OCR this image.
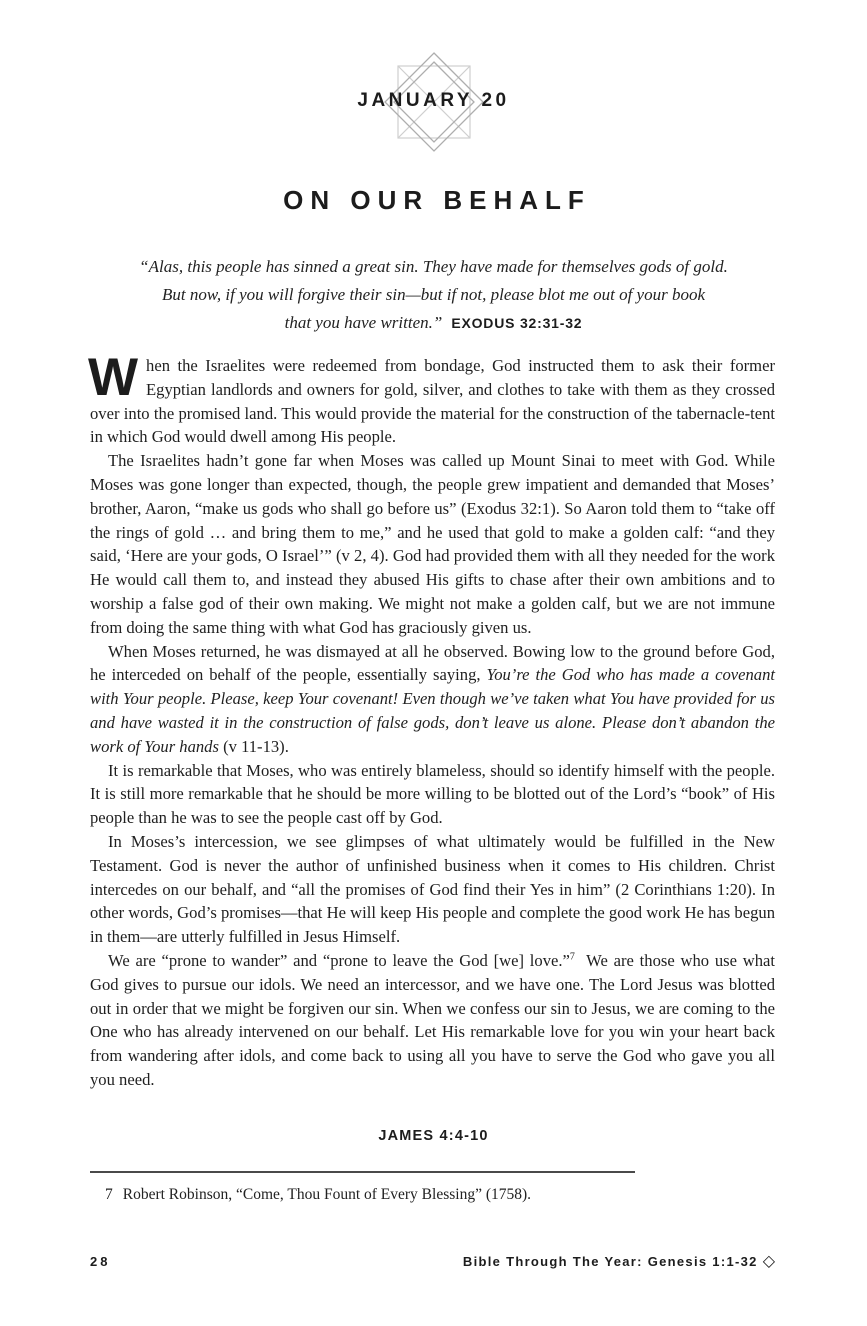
JANUARY 20
ON OUR BEHALF
“Alas, this people has sinned a great sin. They have made for themselves gods of gold.
But now, if you will forgive their sin—but if not, please blot me out of your book
that you have written.” EXODUS 32:31-32

When the Israelites were redeemed from bondage, God instructed them to ask their former Egyptian landlords and owners for gold, silver, and clothes to take with them as they crossed over into the promised land. This would provide the material for the construction of the tabernacle-tent in which God would dwell among His people.

The Israelites hadn’t gone far when Moses was called up Mount Sinai to meet with God. While Moses was gone longer than expected, though, the people grew impatient and demanded that Moses’ brother, Aaron, “make us gods who shall go before us” (Exodus 32:1). So Aaron told them to “take off the rings of gold … and bring them to me,” and he used that gold to make a golden calf: “and they said, ‘Here are your gods, O Israel’” (v 2, 4). God had provided them with all they needed for the work He would call them to, and instead they abused His gifts to chase after their own ambitions and to worship a false god of their own making. We might not make a golden calf, but we are not immune from doing the same thing with what God has graciously given us.

When Moses returned, he was dismayed at all he observed. Bowing low to the ground before God, he interceded on behalf of the people, essentially saying, You’re the God who has made a covenant with Your people. Please, keep Your covenant! Even though we’ve taken what You have provided for us and have wasted it in the construction of false gods, don’t leave us alone. Please don’t abandon the work of Your hands (v 11-13).

It is remarkable that Moses, who was entirely blameless, should so identify himself with the people. It is still more remarkable that he should be more willing to be blotted out of the Lord’s “book” of His people than he was to see the people cast off by God.

In Moses’s intercession, we see glimpses of what ultimately would be fulfilled in the New Testament. God is never the author of unfinished business when it comes to His children. Christ intercedes on our behalf, and “all the promises of God find their Yes in him” (2 Corinthians 1:20). In other words, God’s promises—that He will keep His people and complete the good work He has begun in them—are utterly fulfilled in Jesus Himself.

We are “prone to wander” and “prone to leave the God [we] love.”$^7$  We are those who use what God gives to pursue our idols. We need an intercessor, and we have one. The Lord Jesus was blotted out in order that we might be forgiven our sin. When we confess our sin to Jesus, we are coming to the One who has already intervened on our behalf. Let His remarkable love for you win your heart back from wandering after idols, and come back to using all you have to serve the God who gave you all you need.

JAMES 4:4-10
7 Robert Robinson, “Come, Thou Fount of Every Blessing” (1758).
28	Bible Through The Year: Genesis 1:1-32 ◇
